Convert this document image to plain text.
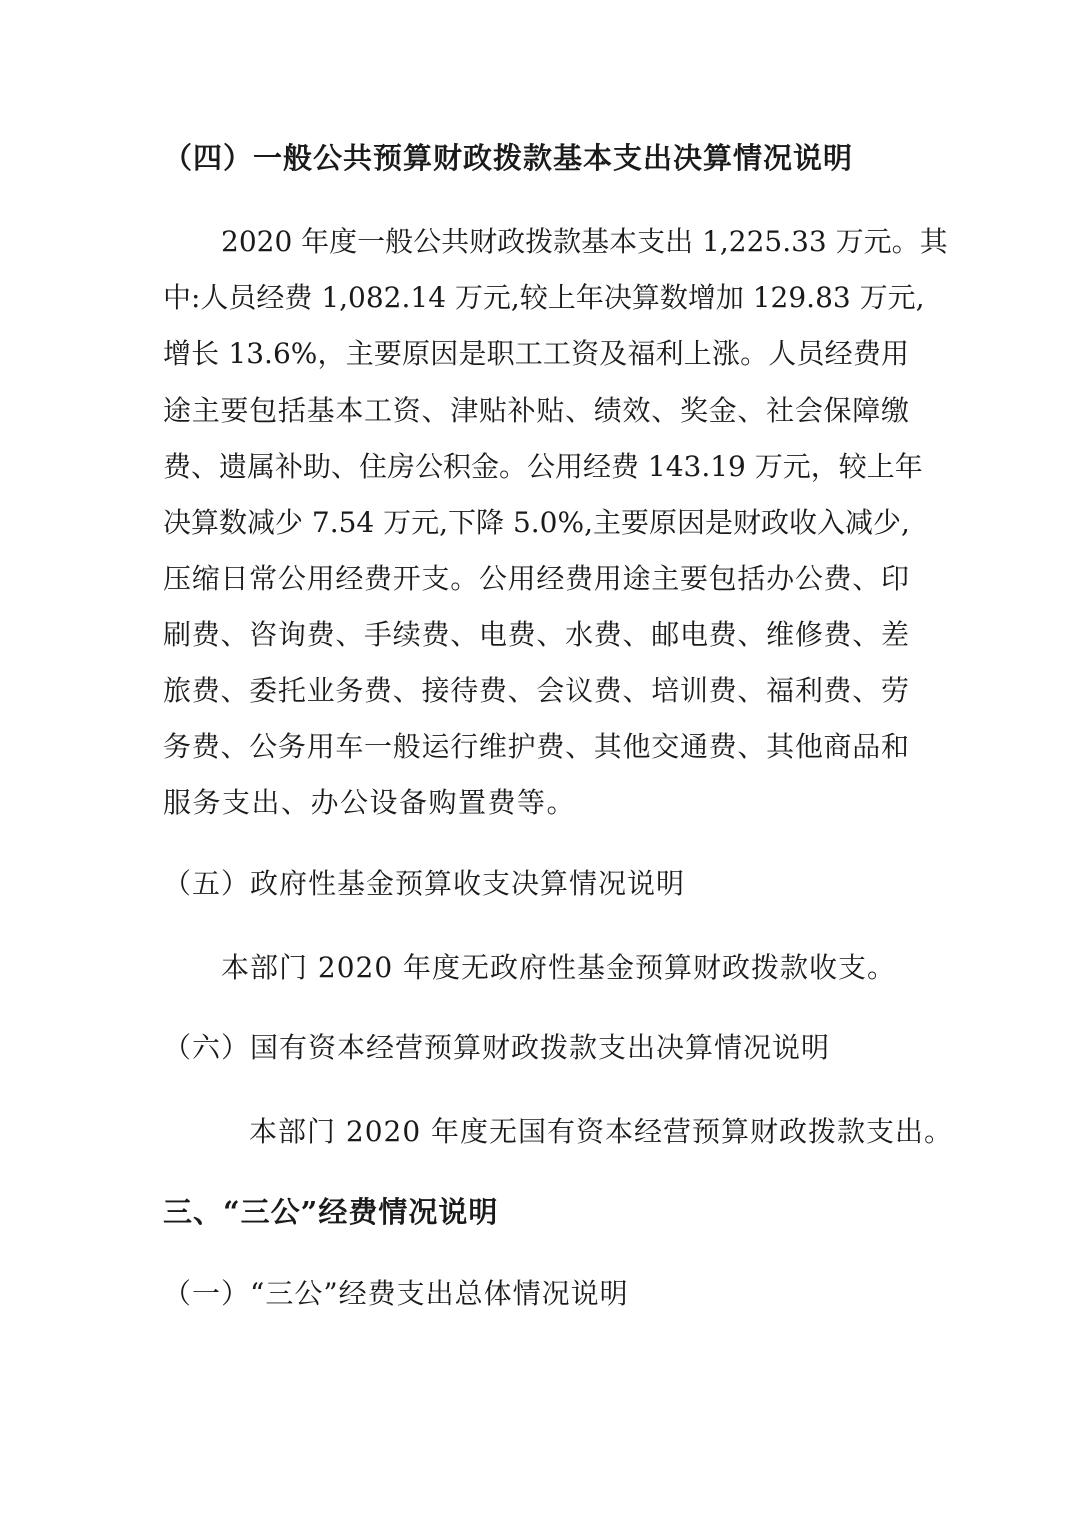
（四）一般公共预算财政拨款基本支出决算情况说明
2020 年度一般公共财政拨款基本支出 1,225.33 万元。其
中:人员经费 1,082.14 万元,较上年决算数增加 129.83 万元,
增长 13.6%，主要原因是职工工资及福利上涨。人员经费用
途主要包括基本工资、津贴补贴、绩效、奖金、社会保障缴
费、遗属补助、住房公积金。公用经费 143.19 万元，较上年
决算数减少 7.54 万元,下降 5.0%,主要原因是财政收入减少,
压缩日常公用经费开支。公用经费用途主要包括办公费、印
刷费、咨询费、手续费、电费、水费、邮电费、维修费、差
旅费、委托业务费、接待费、会议费、培训费、福利费、劳
务费、公务用车一般运行维护费、其他交通费、其他商品和
服务支出、办公设备购置费等。
（五）政府性基金预算收支决算情况说明
本部门 2020 年度无政府性基金预算财政拨款收支。
（六）国有资本经营预算财政拨款支出决算情况说明
本部门 2020 年度无国有资本经营预算财政拨款支出。
三、“三公”经费情况说明
（一）“三公”经费支出总体情况说明
